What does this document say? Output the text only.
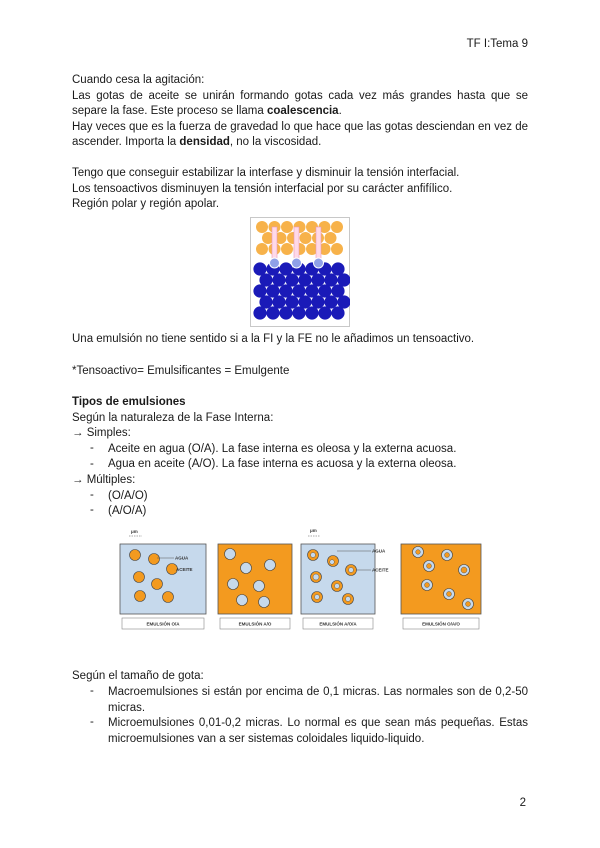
TF I:Tema 9
Cuando cesa la agitación:
Las gotas de aceite se unirán formando gotas cada vez más grandes hasta que se separe la fase. Este proceso se llama coalescencia.
Hay veces que es la fuerza de gravedad lo que hace que las gotas desciendan en vez de ascender. Importa la densidad, no la viscosidad.
Tengo que conseguir estabilizar la interfase y disminuir la tensión interfacial.
Los tensoactivos disminuyen la tensión interfacial por su carácter anfifílico.
Región polar y región apolar.
Una emulsión no tiene sentido si a la FI y la FE no le añadimos un tensoactivo.
*Tensoactivo= Emulsificantes = Emulgente
Tipos de emulsiones
Según la naturaleza de la Fase Interna:
→ Simples:
- Aceite en agua (O/A). La fase interna es oleosa y la externa acuosa.
- Agua en aceite (A/O). La fase interna es acuosa y la externa oleosa.
→ Múltiples:
- (O/A/O)
- (A/O/A)
μm
AGUA
ACEITE
EMULSIÓN O/A	EMULSIÓN A/O
μm
AGUA
ACEITE
EMULSIÓN A/O/A	EMULSIÓN O/A/O
Según el tamaño de gota:
- Macroemulsiones si están por encima de 0,1 micras. Las normales son de 0,2-50 micras.
- Microemulsiones 0,01-0,2 micras. Lo normal es que sean más pequeñas. Estas microemulsiones van a ser sistemas coloidales liquido-liquido.
2
